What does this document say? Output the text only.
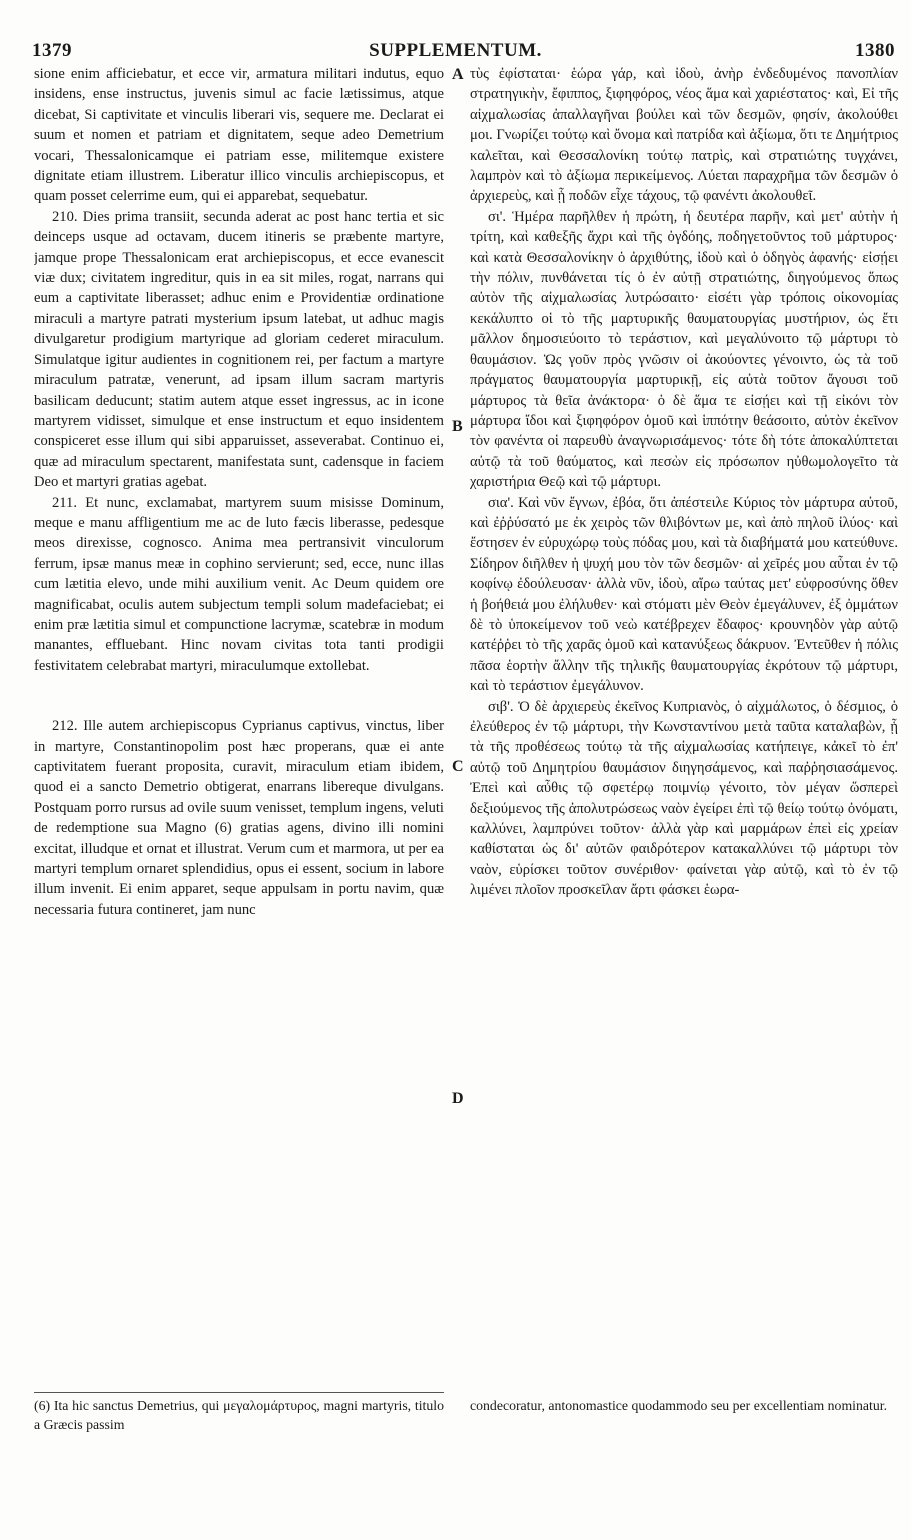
1379	SUPPLEMENTUM.	1380

sione enim afficiebatur, et ecce vir, armatura militari indutus, equo insidens, ense instructus, juvenis simul ac facie lætissimus, atque dicebat, Si captivitate et vinculis liberari vis, sequere me. Declarat ei suum et nomen et patriam et dignitatem, seque adeo Demetrium vocari, Thessalonicamque ei patriam esse, militemque existere dignitate etiam illustrem. Liberatur illico vinculis archiepiscopus, et quam posset celerrime eum, qui ei apparebat, sequebatur.

210. Dies prima transiit, secunda aderat ac post hanc tertia et sic deinceps usque ad octavam, ducem itineris se præbente martyre, jamque prope Thessalonicam erat archiepiscopus, et ecce evanescit viæ dux; civitatem ingreditur, quis in ea sit miles, rogat, narrans qui eum a captivitate liberasset; adhuc enim e Providentiæ ordinatione miraculi a martyre patrati mysterium ipsum latebat, ut adhuc magis divulgaretur prodigium martyrique ad gloriam cederet miraculum. Simulatque igitur audientes in cognitionem rei, per factum a martyre miraculum patratæ, venerunt, ad ipsam illum sacram martyris basilicam deducunt; statim autem atque esset ingressus, ac in icone martyrem vidisset, simulque et ense instructum et equo insidentem conspiceret esse illum qui sibi apparuisset, asseverabat. Continuo ei, quæ ad miraculum spectarent, manifestata sunt, cadensque in faciem Deo et martyri gratias agebat.

211. Et nunc, exclamabat, martyrem suum misisse Dominum, meque e manu affligentium me ac de luto fæcis liberasse, pedesque meos direxisse, cognosco. Anima mea pertransivit vinculorum ferrum, ipsæ manus meæ in cophino servierunt; sed, ecce, nunc illas cum lætitia elevo, unde mihi auxilium venit. Ac Deum quidem ore magnificabat, oculis autem subjectum templi solum madefaciebat; ei enim præ lætitia simul et compunctione lacrymæ, scatebræ in modum manantes, effluebant. Hinc novam civitas tota tanti prodigii festivitatem celebrabat martyri, miraculumque extollebat.

212. Ille autem archiepiscopus Cyprianus captivus, vinctus, liber in martyre, Constantinopolim post hæc properans, quæ ei ante captivitatem fuerant proposita, curavit, miraculum etiam ibidem, quod ei a sancto Demetrio obtigerat, enarrans libereque divulgans. Postquam porro rursus ad ovile suum venisset, templum ingens, veluti de redemptione sua Magno (6) gratias agens, divino illi nomini excitat, illudque et ornat et illustrat. Verum cum et marmora, ut per ea martyri templum ornaret splendidius, opus ei essent, socium in labore illum invenit. Ei enim apparet, seque appulsam in portu navim, quæ necessaria futura contineret, jam nunc

τὺς ἐφίσταται· ἑώρα γάρ, καὶ ἰδοὺ, ἀνὴρ ἐνδεδυμένος πανοπλίαν στρατηγικὴν, ἔφιππος, ξιφηφόρος, νέος ἅμα καὶ χαριέστατος· καὶ, Εἰ τῆς αἰχμαλωσίας ἀπαλλαγῆναι βούλει καὶ τῶν δεσμῶν, φησίν, ἀκολούθει μοι. Γνωρίζει τούτῳ καὶ ὄνομα καὶ πατρίδα καὶ ἀξίωμα, ὅτι τε Δημήτριος καλεῖται, καὶ Θεσσαλονίκη τούτῳ πατρὶς, καὶ στρατιώτης τυγχάνει, λαμπρὸν καὶ τὸ ἀξίωμα περικείμενος. Λύεται παραχρῆμα τῶν δεσμῶν ὁ ἀρχιερεὺς, καὶ ᾗ ποδῶν εἶχε τάχους, τῷ φανέντι ἀκολουθεῖ.

σι'. Ἡμέρα παρῆλθεν ἡ πρώτη, ἡ δευτέρα παρῆν, καὶ μετ' αὐτὴν ἡ τρίτη, καὶ καθεξῆς ἄχρι καὶ τῆς ὀγδόης, ποδηγετοῦντος τοῦ μάρτυρος· καὶ κατὰ Θεσσαλονίκην ὁ ἀρχιθύτης, ἰδοὺ καὶ ὁ ὁδηγὸς ἀφανής· εἰσῄει τὴν πόλιν, πυνθάνεται τίς ὁ ἐν αὐτῇ στρατιώτης, διηγούμενος ὅπως αὐτὸν τῆς αἰχμαλωσίας λυτρώσαιτο· εἰσέτι γὰρ τρόποις οἰκονομίας κεκάλυπτο οἱ τὸ τῆς μαρτυρικῆς θαυματουργίας μυστήριον, ὡς ἔτι μᾶλλον δημοσιεύοιτο τὸ τεράστιον, καὶ μεγαλύνοιτο τῷ μάρτυρι τὸ θαυμάσιον. Ὡς γοῦν πρὸς γνῶσιν οἱ ἀκούοντες γένοιντο, ὡς τὰ τοῦ πράγματος θαυματουργία μαρτυρικῇ, εἰς αὐτὰ τοῦτον ἄγουσι τοῦ μάρτυρος τὰ θεῖα ἀνάκτορα· ὁ δὲ ἅμα τε εἰσῄει καὶ τῇ εἰκόνι τὸν μάρτυρα ἴδοι καὶ ξιφηφόρον ὁμοῦ καὶ ἱππότην θεάσοιτο, αὐτὸν ἐκεῖνον τὸν φανέντα οἱ παρευθὺ ἀναγνωρισάμενος· τότε δὴ τότε ἀποκαλύπτεται αὐτῷ τὰ τοῦ θαύματος, καὶ πεσὼν εἰς πρόσωπον ηὐθωμολογεῖτο τὰ χαριστήρια Θεῷ καὶ τῷ μάρτυρι.

σια'. Καὶ νῦν ἔγνων, ἐβόα, ὅτι ἀπέστειλε Κύριος τὸν μάρτυρα αὐτοῦ, καὶ ἐῤῥύσατό με ἐκ χειρὸς τῶν θλιβόντων με, καὶ ἀπὸ πηλοῦ ἰλύος· καὶ ἔστησεν ἐν εὐρυχώρῳ τοὺς πόδας μου, καὶ τὰ διαβήματά μου κατεύθυνε. Σίδηρον διῆλθεν ἡ ψυχή μου τὸν τῶν δεσμῶν· αἱ χεῖρές μου αὗται ἐν τῷ κοφίνῳ ἐδούλευσαν· ἀλλὰ νῦν, ἰδοὺ, αἴρω ταύτας μετ' εὐφροσύνης ὅθεν ἡ βοήθειά μου ἐλήλυθεν· καὶ στόματι μὲν Θεὸν ἐμεγάλυνεν, ἐξ ὀμμάτων δὲ τὸ ὑποκείμενον τοῦ νεὼ κατέβρεχεν ἔδαφος· κρουνηδὸν γὰρ αὐτῷ κατέῤῥει τὸ τῆς χαρᾶς ὁμοῦ καὶ κατανύξεως δάκρυον. Ἐντεῦθεν ἡ πόλις πᾶσα ἑορτὴν ἄλλην τῆς τηλικῆς θαυματουργίας ἐκρότουν τῷ μάρτυρι, καὶ τὸ τεράστιον ἐμεγάλυνον.

σιβ'. Ὁ δὲ ἀρχιερεὺς ἐκεῖνος Κυπριανὸς, ὁ αἰχμάλωτος, ὁ δέσμιος, ὁ ἐλεύθερος ἐν τῷ μάρτυρι, τὴν Κωνσταντίνου μετὰ ταῦτα καταλαβὼν, ᾗ τὰ τῆς προθέσεως τούτῳ τὰ τῆς αἰχμαλωσίας κατήπειγε, κἀκεῖ τὸ ἐπ' αὐτῷ τοῦ Δημητρίου θαυμάσιον διηγησάμενος, καὶ παῤῥησιασάμενος. Ἐπεὶ καὶ αὖθις τῷ σφετέρῳ ποιμνίῳ γένοιτο, τὸν μέγαν ὥσπερεὶ δεξιούμενος τῆς ἀπολυτρώσεως ναὸν ἐγείρει ἐπὶ τῷ θείῳ τούτῳ ὀνόματι, καλλύνει, λαμπρύνει τοῦτον· ἀλλὰ γὰρ καὶ μαρμάρων ἐπεὶ εἰς χρείαν καθίσταται ὡς δι' αὐτῶν φαιδρότερον κατακαλλύνει τῷ μάρτυρι τὸν ναὸν, εὑρίσκει τοῦτον συνέριθον· φαίνεται γὰρ αὐτῷ, καὶ τὸ ἐν τῷ λιμένει πλοῖον προσκεῖλαν ἄρτι φάσκει ἑωρα-

A
B
C
D
(6) Ita hic sanctus Demetrius, qui μεγαλομάρτυρος, magni martyris, titulo a Græcis passim
condecoratur, antonomastice quodammodo seu per excellentiam nominatur.
